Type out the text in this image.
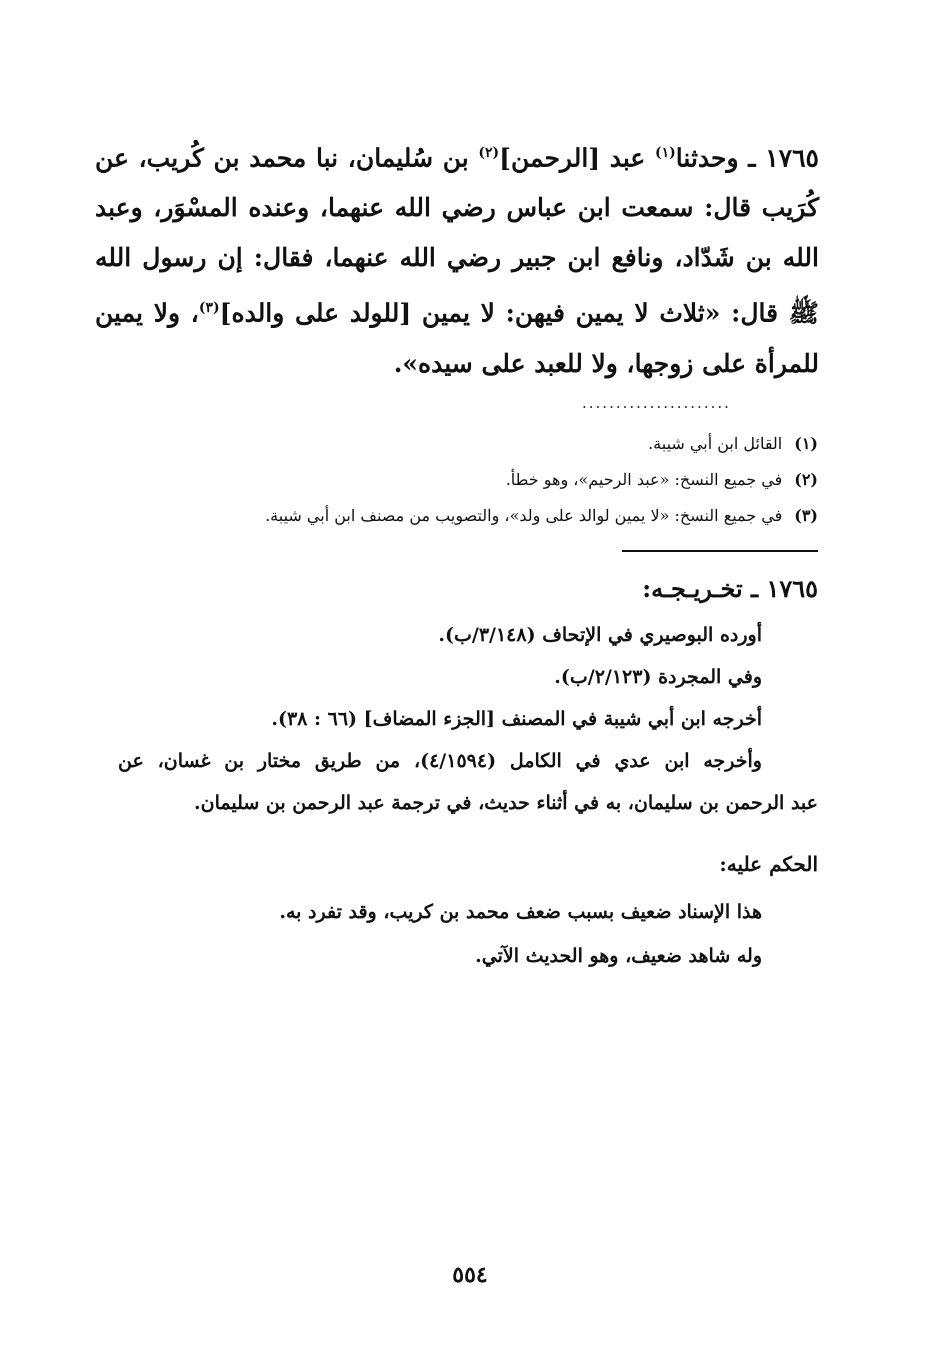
١٧٦٥ ـ وحدثنا$^{(١)}$ عبد [الرحمن]$^{(٢)}$ بن سُليمان، نبا محمد بن كُريب، عن كُرَيب قال: سمعت ابن عباس رضي الله عنهما، وعنده المسْوَر، وعبد الله بن شَدّاد، ونافع ابن جبير رضي الله عنهما، فقال: إن رسول الله ﷺ قال: «ثلاث لا يمين فيهن: لا يمين [للولد على والده]$^{(٣)}$، ولا يمين للمرأة على زوجها، ولا للعبد على سيده».
......................
(١)القائل ابن أبي شيبة.
(٢)في جميع النسخ: «عبد الرحيم»، وهو خطأ.
(٣)في جميع النسخ: «لا يمين لوالد على ولد»، والتصويب من مصنف ابن أبي شيبة.
١٧٦٥ ـ تخـريـجـه:
أورده البوصيري في الإتحاف (٣/١٤٨/ب).
وفي المجردة (٢/١٢٣/ب).
أخرجه ابن أبي شيبة في المصنف [الجزء المضاف] (٦٦ : ٣٨).
وأخرجه ابن عدي في الكامل (٤/١٥٩٤)، من طريق مختار بن غسان، عن
عبد الرحمن بن سليمان، به في أثناء حديث، في ترجمة عبد الرحمن بن سليمان.
الحكم عليه:
هذا الإسناد ضعيف بسبب ضعف محمد بن كريب، وقد تفرد به.
وله شاهد ضعيف، وهو الحديث الآتي.
٥٥٤
